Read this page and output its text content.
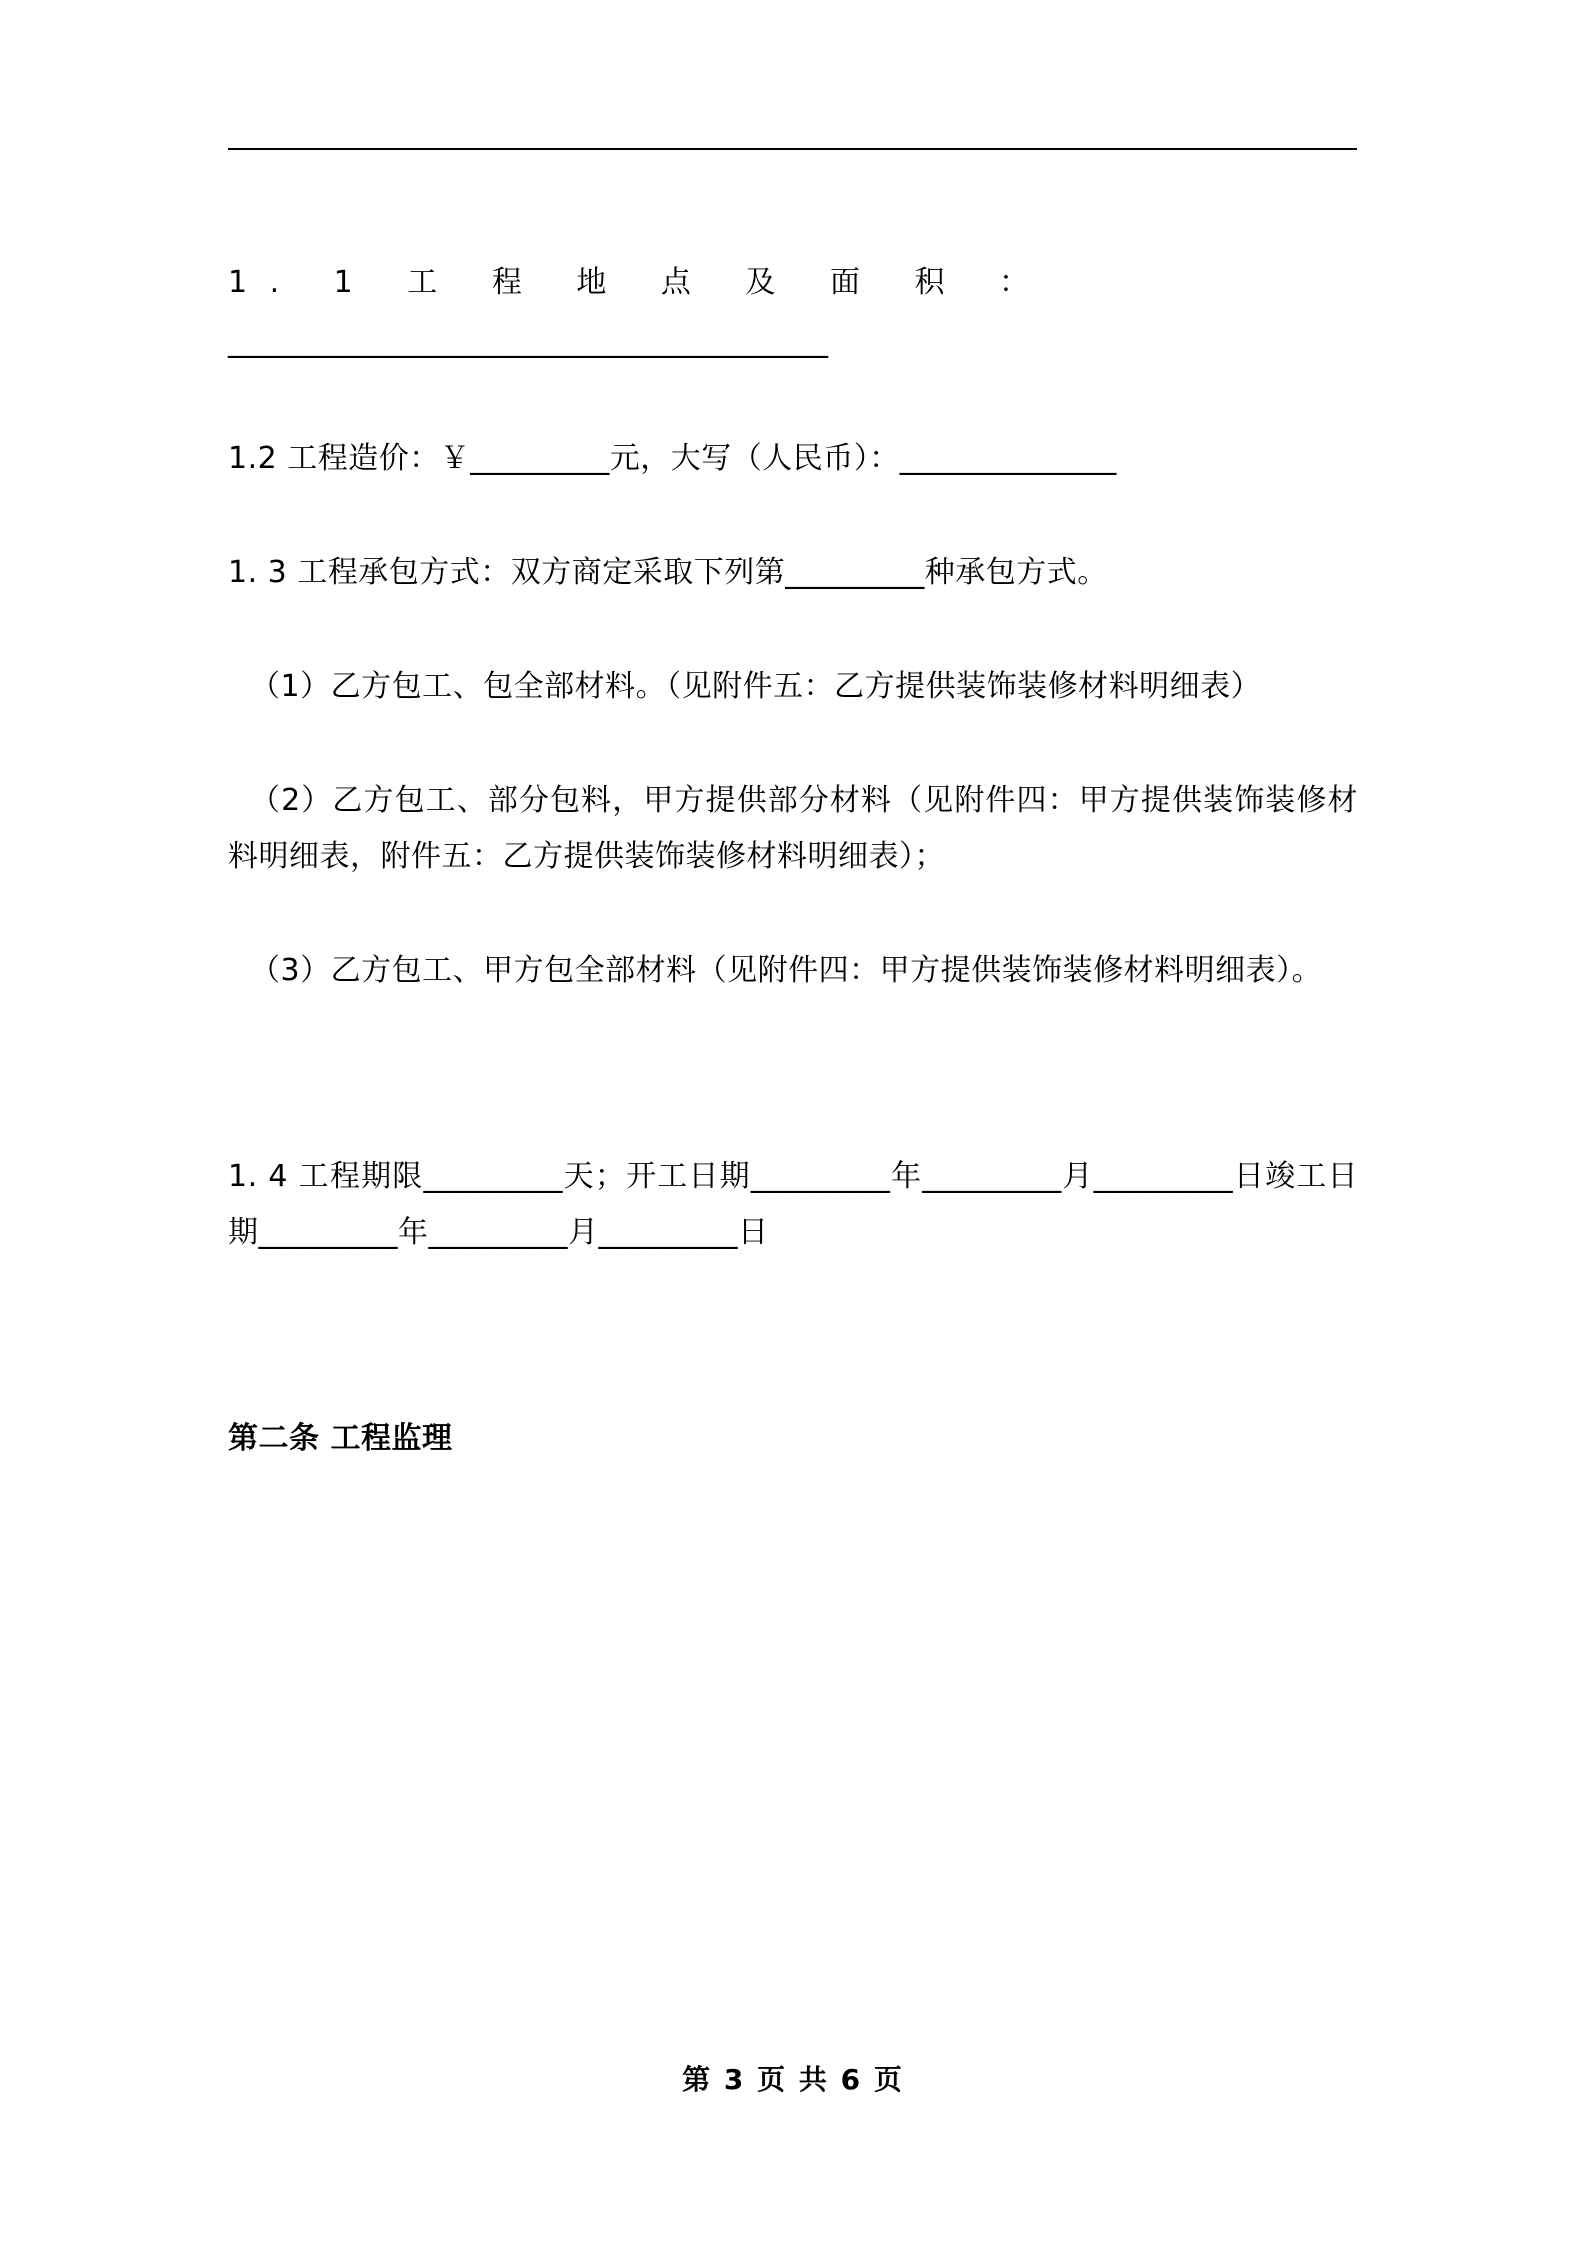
1. 1 工 程 地 点 及 面 积 ：
________________________________________
1.2 工程造价：￥_________元，大写（人民币）：______________
1. 3 工程承包方式：双方商定采取下列第_________种承包方式。
（1）乙方包工、包全部材料。（见附件五：乙方提供装饰装修材料明细表）
（2）乙方包工、部分包料，甲方提供部分材料（见附件四：甲方提供装饰装修材料明细表，附件五：乙方提供装饰装修材料明细表）；
（3）乙方包工、甲方包全部材料（见附件四：甲方提供装饰装修材料明细表）。
1. 4 工程期限_________天；开工日期_________年_________月_________日竣工日期_________年_________月_________日
第二条 工程监理
第 3 页 共 6 页
